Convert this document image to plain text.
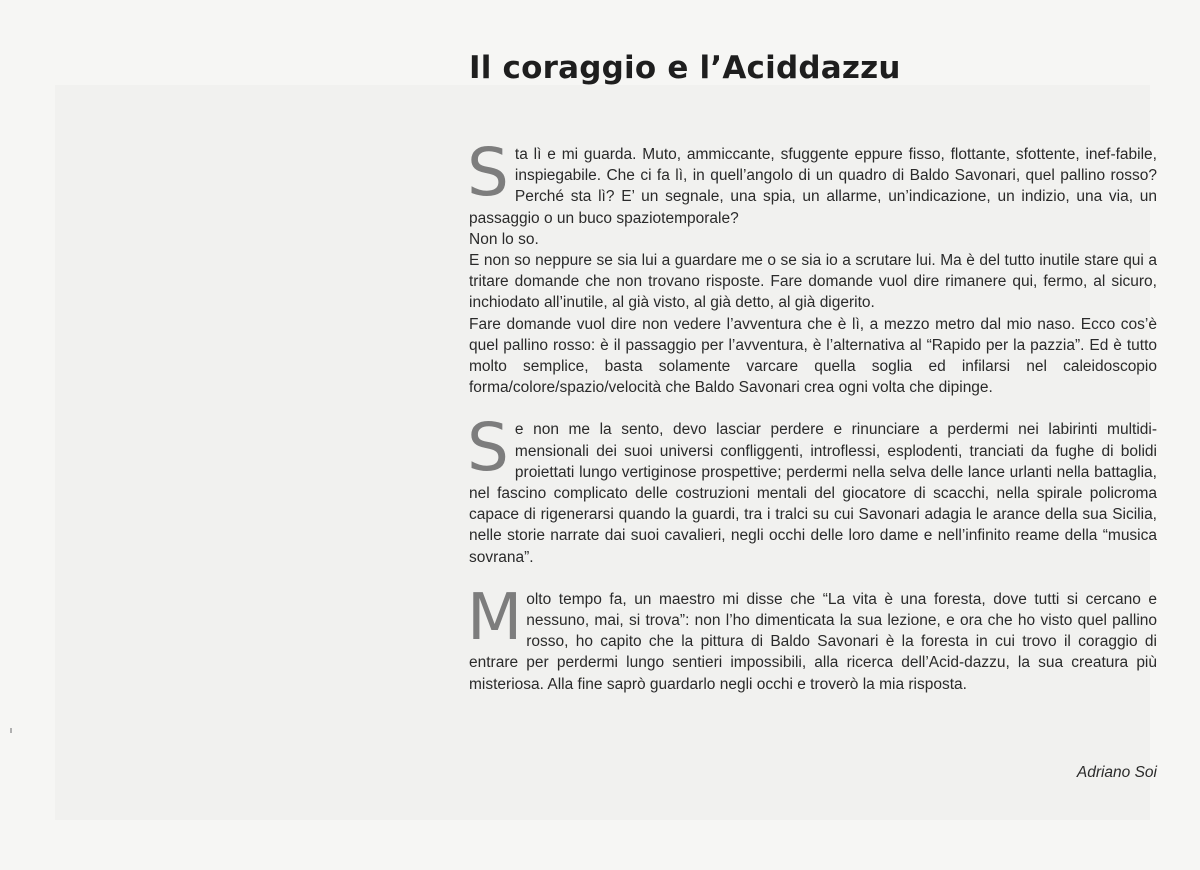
Il coraggio e l’Aciddazzu
S ta lì e mi guarda. Muto, ammiccante, sfuggente eppure fisso, flottante, sfottente, inef-fabile, inspiegabile. Che ci fa lì, in quell’angolo di un quadro di Baldo Savonari, quel pallino rosso? Perché sta lì? E’ un segnale, una spia, un allarme, un’indicazione, un indizio, una via, un passaggio o un buco spaziotemporale?

Non lo so.

E non so neppure se sia lui a guardare me o se sia io a scrutare lui. Ma è del tutto inutile stare qui a tritare domande che non trovano risposte. Fare domande vuol dire rimanere qui, fermo, al sicuro, inchiodato all’inutile, al già visto, al già detto, al già digerito.

Fare domande vuol dire non vedere l’avventura che è lì, a mezzo metro dal mio naso. Ecco cos’è quel pallino rosso: è il passaggio per l’avventura, è l’alternativa al “Rapido per la pazzia”. Ed è tutto molto semplice, basta solamente varcare quella soglia ed infilarsi nel caleidoscopio forma/colore/spazio/velocità che Baldo Savonari crea ogni volta che dipinge.

S e non me la sento, devo lasciar perdere e rinunciare a perdermi nei labirinti multidi-mensionali dei suoi universi confliggenti, introflessi, esplodenti, tranciati da fughe di bolidi proiettati lungo vertiginose prospettive; perdermi nella selva delle lance urlanti nella battaglia, nel fascino complicato delle costruzioni mentali del giocatore di scacchi, nella spirale policroma capace di rigenerarsi quando la guardi, tra i tralci su cui Savonari adagia le arance della sua Sicilia, nelle storie narrate dai suoi cavalieri, negli occhi delle loro dame e nell’infinito reame della “musica sovrana”.

M olto tempo fa, un maestro mi disse che “La vita è una foresta, dove tutti si cercano e nessuno, mai, si trova”: non l’ho dimenticata la sua lezione, e ora che ho visto quel pallino rosso, ho capito che la pittura di Baldo Savonari è la foresta in cui trovo il coraggio di entrare per perdermi lungo sentieri impossibili, alla ricerca dell’Acid-dazzu, la sua creatura più misteriosa. Alla fine saprò guardarlo negli occhi e troverò la mia risposta.

Adriano Soi
